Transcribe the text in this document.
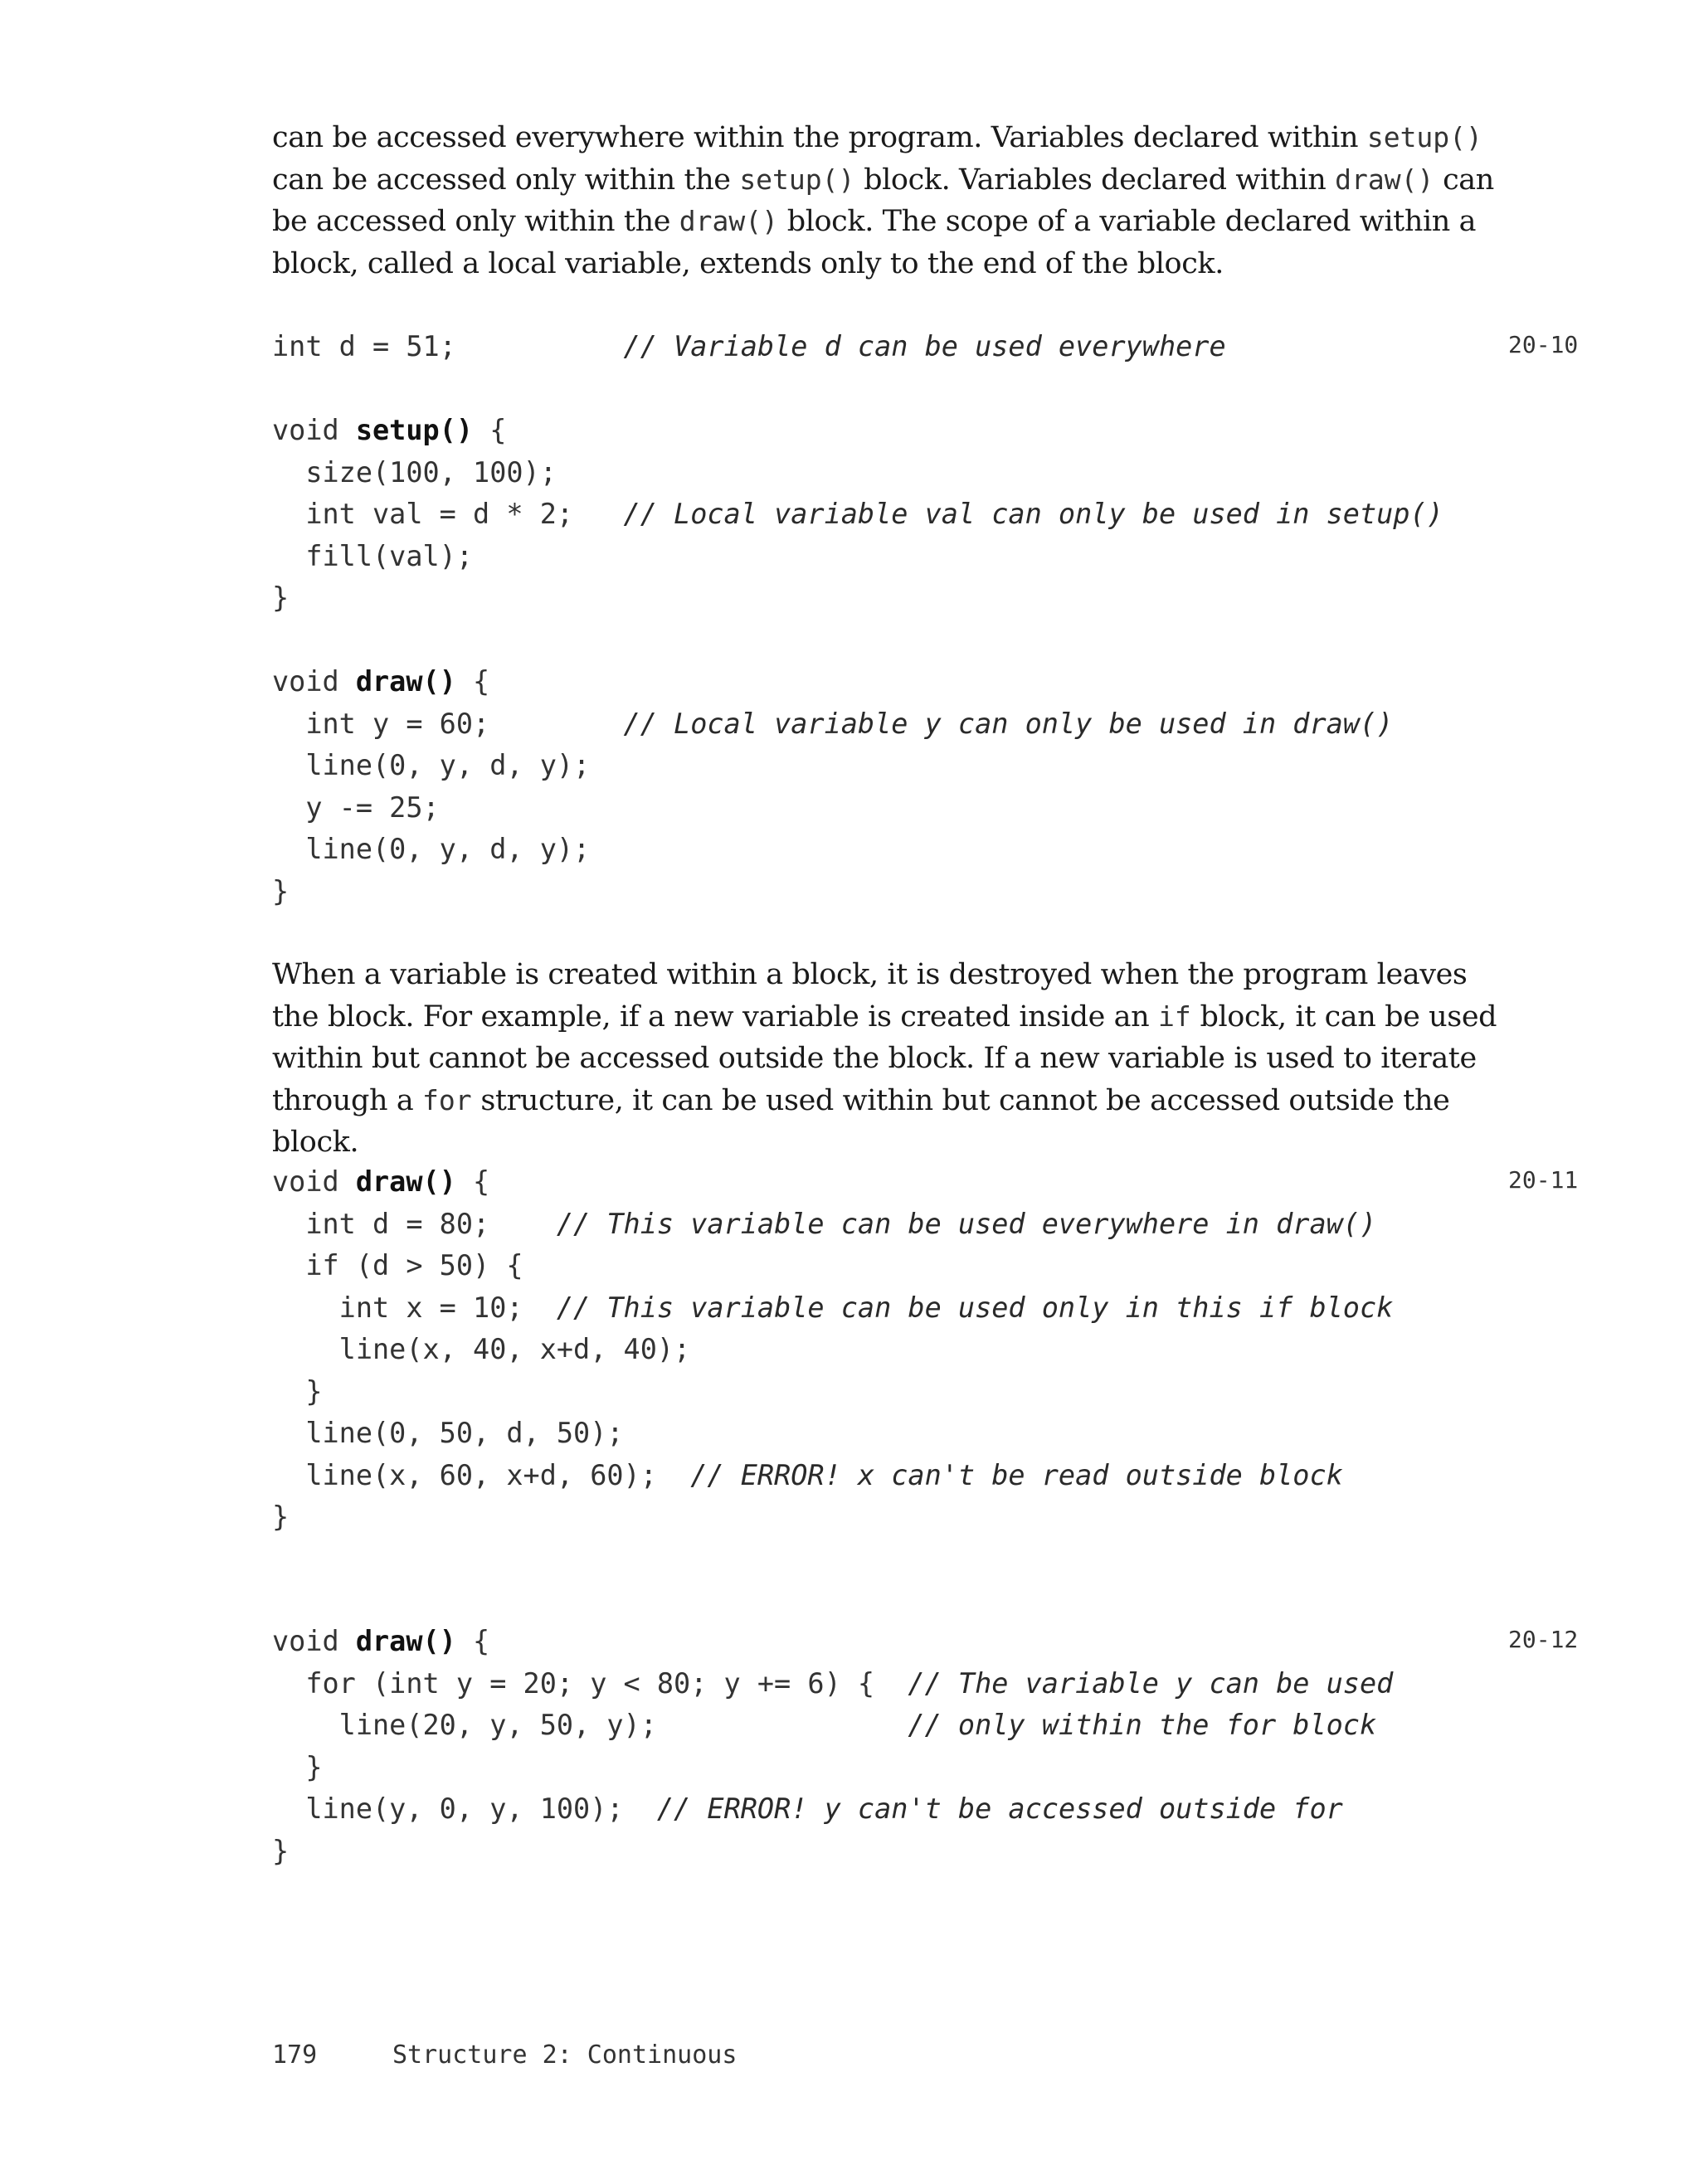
can be accessed everywhere within the program. Variables declared within setup() can be accessed only within the setup() block. Variables declared within draw() can be accessed only within the draw() block. The scope of a variable declared within a block, called a local variable, extends only to the end of the block.

20-10
int d = 51;          // Variable d can be used everywhere
void setup() {
size(100, 100);
int val = d * 2;   // Local variable val can only be used in setup()
fill(val);
}
void draw() {
int y = 60;        // Local variable y can only be used in draw()
line(0, y, d, y);
y -= 25;
line(0, y, d, y);
}

When a variable is created within a block, it is destroyed when the program leaves the block. For example, if a new variable is created inside an if block, it can be used within but cannot be accessed outside the block. If a new variable is used to iterate through a for structure, it can be used within but cannot be accessed outside the block.

20-11
void draw() {
int d = 80;    // This variable can be used everywhere in draw()
if (d > 50) {
int x = 10;  // This variable can be used only in this if block
line(x, 40, x+d, 40);
}
line(0, 50, d, 50);
line(x, 60, x+d, 60);  // ERROR! x can't be read outside block
}
20-12
void draw() {
for (int y = 20; y < 80; y += 6) {  // The variable y can be used
line(20, y, 50, y);               // only within the for block
}
line(y, 0, y, 100);  // ERROR! y can't be accessed outside for
}
179	Structure 2: Continuous
